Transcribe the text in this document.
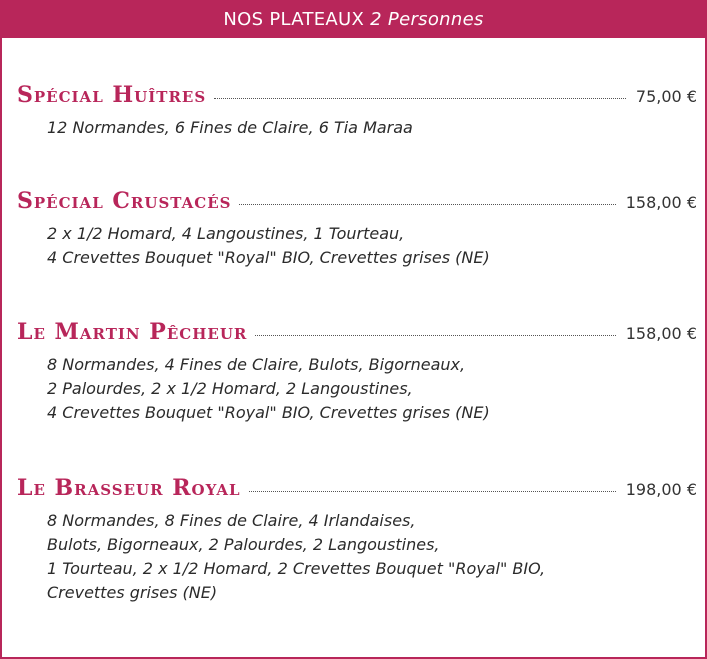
NOS PLATEAUX 2 Personnes
Spécial Huîtres	75,00 €
12 Normandes, 6 Fines de Claire, 6 Tia Maraa
Spécial Crustacés	158,00 €
2 x 1/2 Homard, 4 Langoustines, 1 Tourteau,
4 Crevettes Bouquet "Royal" BIO, Crevettes grises (NE)
Le Martin Pêcheur	158,00 €
8 Normandes, 4 Fines de Claire, Bulots, Bigorneaux,
2 Palourdes, 2 x 1/2 Homard, 2 Langoustines,
4 Crevettes Bouquet "Royal" BIO, Crevettes grises (NE)
Le Brasseur Royal	198,00 €
8 Normandes, 8 Fines de Claire, 4 Irlandaises,
Bulots, Bigorneaux, 2 Palourdes, 2 Langoustines,
1 Tourteau, 2 x 1/2 Homard, 2 Crevettes Bouquet "Royal" BIO,
Crevettes grises (NE)
